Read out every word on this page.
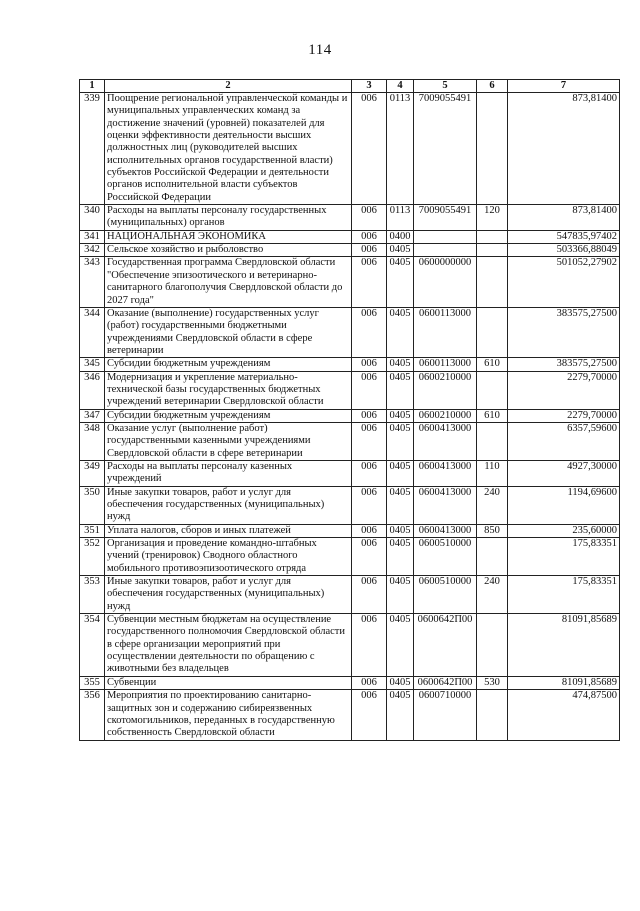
114
1	2	3	4	5	6	7
339	Поощрение региональной управленческой команды и муниципальных управленческих команд за достижение значений (уровней) показателей для оценки эффективности деятельности высших должностных лиц (руководителей высших исполнительных органов государственной власти) субъектов Российской Федерации и деятельности органов исполнительной власти субъектов Российской Федерации	006	0113	7009055491		873,81400
340	Расходы на выплаты персоналу государственных (муниципальных) органов	006	0113	7009055491	120	873,81400
341	НАЦИОНАЛЬНАЯ ЭКОНОМИКА	006	0400			547835,97402
342	Сельское хозяйство и рыболовство	006	0405			503366,88049
343	Государственная программа Свердловской области "Обеспечение эпизоотического и ветеринарно-санитарного благополучия Свердловской области до 2027 года"	006	0405	0600000000		501052,27902
344	Оказание (выполнение) государственных услуг (работ) государственными бюджетными учреждениями Свердловской области в сфере ветеринарии	006	0405	0600113000		383575,27500
345	Субсидии бюджетным учреждениям	006	0405	0600113000	610	383575,27500
346	Модернизация и укрепление материально-технической базы государственных бюджетных учреждений ветеринарии Свердловской области	006	0405	0600210000		2279,70000
347	Субсидии бюджетным учреждениям	006	0405	0600210000	610	2279,70000
348	Оказание услуг (выполнение работ) государственными казенными учреждениями Свердловской области в сфере ветеринарии	006	0405	0600413000		6357,59600
349	Расходы на выплаты персоналу казенных учреждений	006	0405	0600413000	110	4927,30000
350	Иные закупки товаров, работ и услуг для обеспечения государственных (муниципальных) нужд	006	0405	0600413000	240	1194,69600
351	Уплата налогов, сборов и иных платежей	006	0405	0600413000	850	235,60000
352	Организация и проведение командно-штабных учений (тренировок) Сводного областного мобильного противоэпизоотического отряда	006	0405	0600510000		175,83351
353	Иные закупки товаров, работ и услуг для обеспечения государственных (муниципальных) нужд	006	0405	0600510000	240	175,83351
354	Субвенции местным бюджетам на осуществление государственного полномочия Свердловской области в сфере организации мероприятий при осуществлении деятельности по обращению с животными без владельцев	006	0405	0600642П00		81091,85689
355	Субвенции	006	0405	0600642П00	530	81091,85689
356	Мероприятия по проектированию санитарно-защитных зон и содержанию сибиреязвенных скотомогильников, переданных в государственную собственность Свердловской области	006	0405	0600710000		474,87500
